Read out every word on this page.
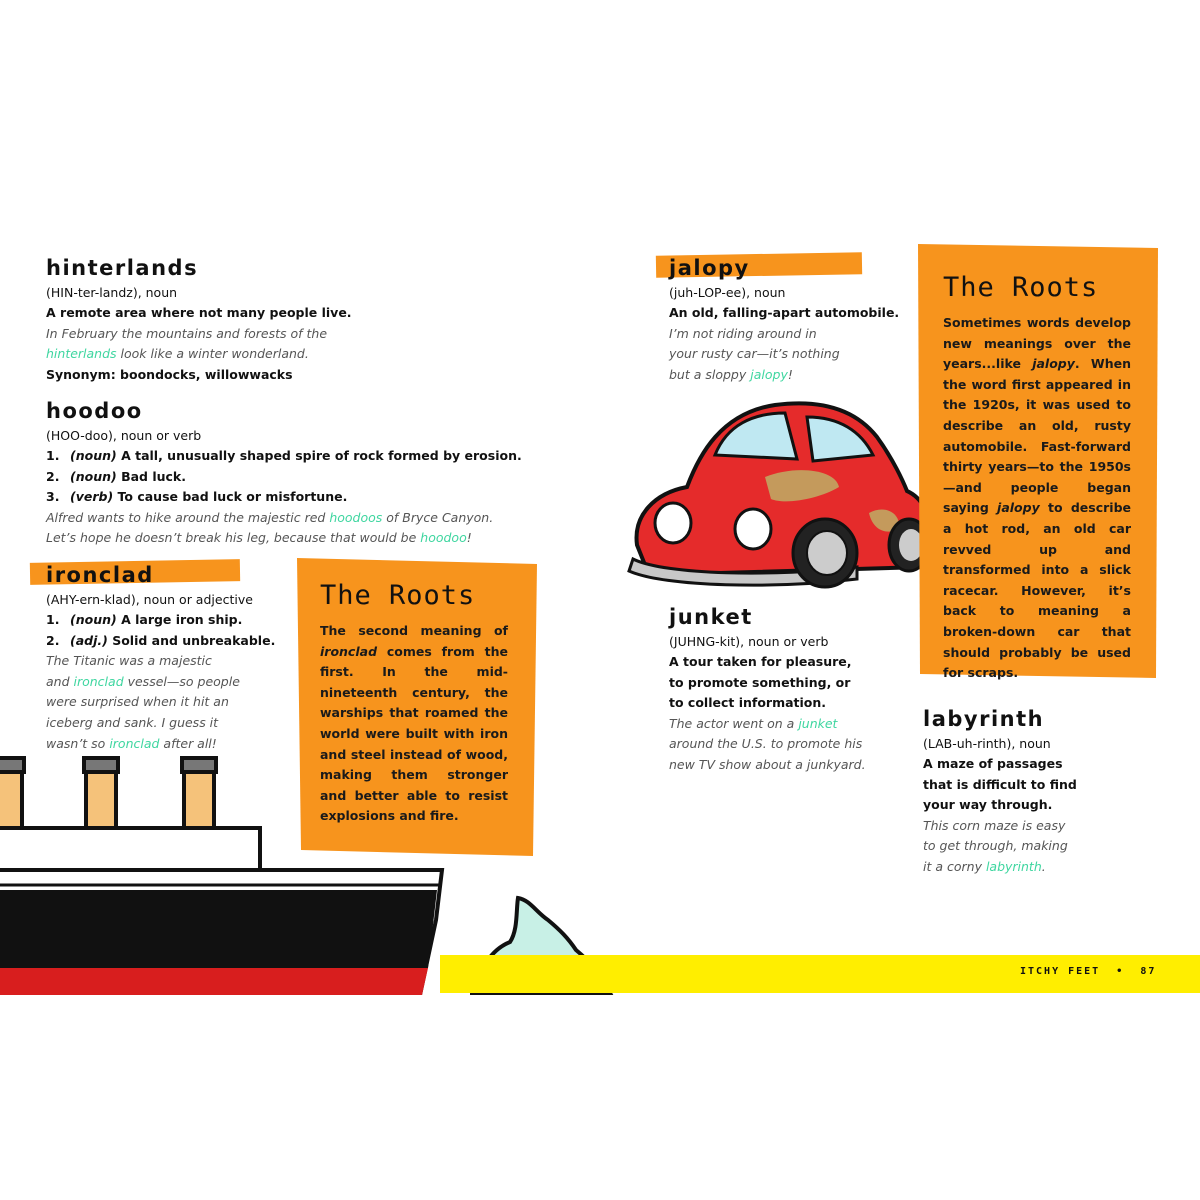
hinterlands
(HIN-ter-landz), noun
A remote area where not many people live.
In February the mountains and forests of the
hinterlands look like a winter wonderland.
Synonym: boondocks, willowwacks
hoodoo
(HOO-doo), noun or verb
1. (noun) A tall, unusually shaped spire of rock formed by erosion.
2. (noun) Bad luck.
3. (verb) To cause bad luck or misfortune.
Alfred wants to hike around the majestic red hoodoos of Bryce Canyon.
Let’s hope he doesn’t break his leg, because that would be hoodoo!
ironclad
(AHY-ern-klad), noun or adjective
1. (noun) A large iron ship.
2. (adj.) Solid and unbreakable.
The Titanic was a majestic
and ironclad vessel—so people
were surprised when it hit an
iceberg and sank. I guess it
wasn’t so ironclad after all!
The Roots
The second meaning of ironclad comes from the first. In the mid-nineteenth century, the warships that roamed the world were built with iron and steel instead of wood, making them stronger and better able to resist explosions and fire.
jalopy
(juh-LOP-ee), noun
An old, falling-apart automobile.
I’m not riding around in
your rusty car—it’s nothing
but a sloppy jalopy!
junket
(JUHNG-kit), noun or verb
A tour taken for pleasure,
to promote something, or
to collect information.
The actor went on a junket
around the U.S. to promote his
new TV show about a junkyard.
The Roots
Sometimes words develop new meanings over the years...like jalopy. When the word first appeared in the 1920s, it was used to describe an old, rusty automobile. Fast-forward thirty years—to the 1950s—and people began saying jalopy to describe a hot rod, an old car revved up and transformed into a slick racecar. However, it’s back to meaning a broken-down car that should probably be used for scraps.
labyrinth
(LAB-uh-rinth), noun
A maze of passages
that is difficult to find
your way through.
This corn maze is easy
to get through, making
it a corny labyrinth.
ITCHY FEET • 87
